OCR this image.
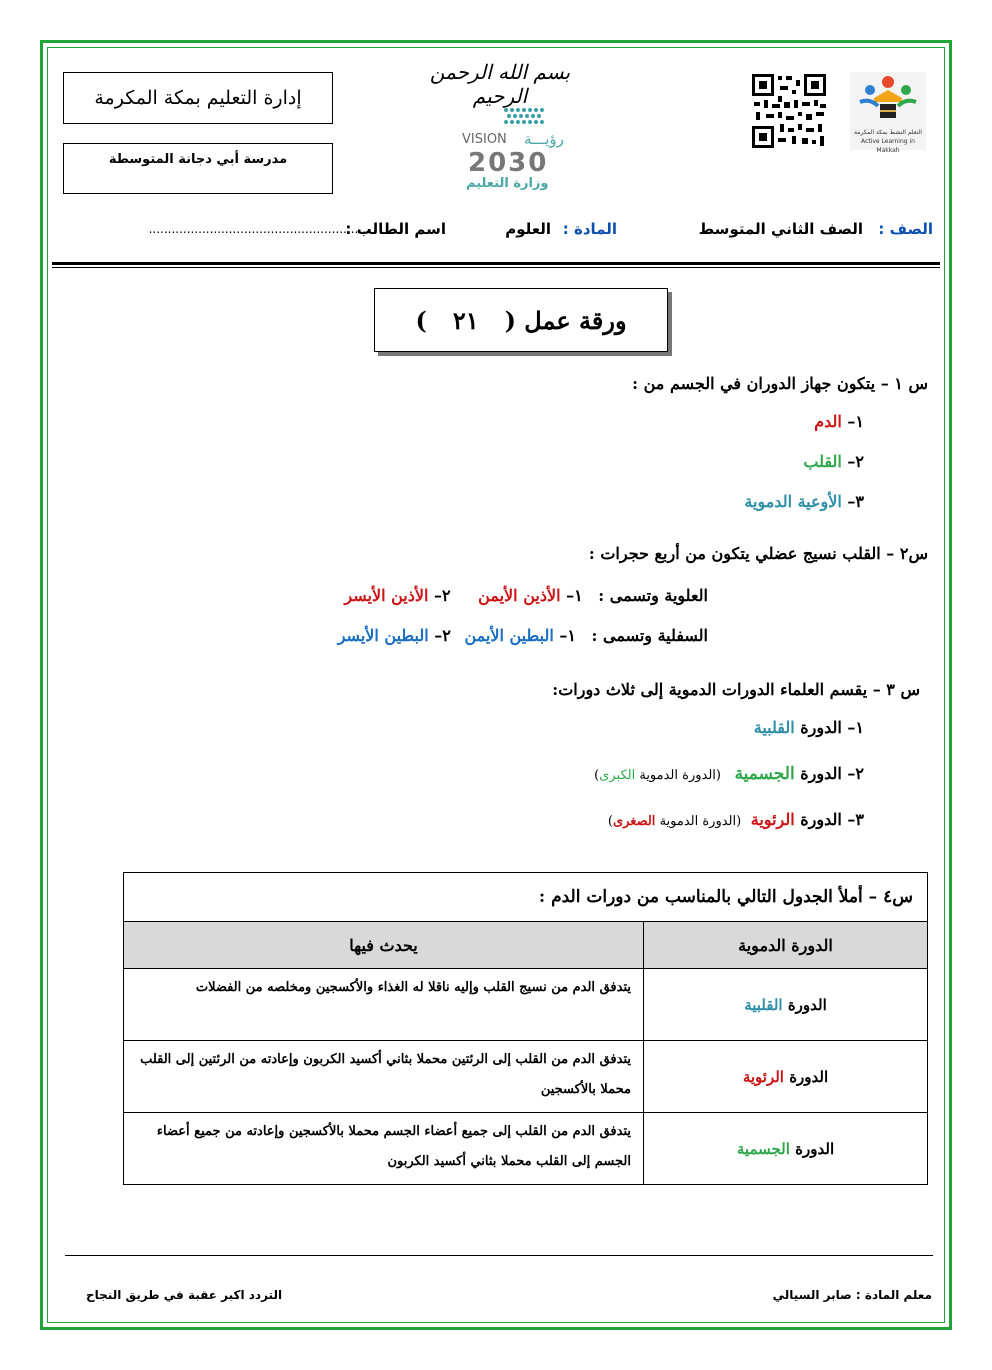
إدارة التعليم بمكة المكرمة
مدرسة أبي دجانة المتوسطة
بسم الله الرحمن الرحيم
VISION رؤيـــة
2030
وزارة التعليم
التعلم النشط بمكة المكرمة
Active Learning in Makkah
الصف :
الصف الثاني المتوسط
المادة :
العلوم
اسم الطالب :
.........................................................
ورقة عمل (
٢١
)
س ١ – يتكون جهاز الدوران في الجسم من :
١– الدم
٢– القلب
٣– الأوعية الدموية
س٢ – القلب نسيج عضلي يتكون من أربع حجرات :
العلوية وتسمى : ١– الأذين الأيمن ٢– الأذين الأيسر
السفلية وتسمى : ١– البطين الأيمن ٢– البطين الأيسر
س ٣ – يقسم العلماء الدورات الدموية إلى ثلاث دورات:
١– الدورة القلبية
٢– الدورة الجسمية (الدورة الدموية الكبرى)
٣– الدورة الرئوية (الدورة الدموية الصغرى)
س٤ – أملأ الجدول التالي بالمناسب من دورات الدم :	
الدورة الدموية	يحدث فيها
الدورة القلبية	يتدفق الدم من نسيج القلب وإليه ناقلا له الغذاء والأكسجين ومخلصه من الفضلات
الدورة الرئوية	يتدفق الدم من القلب إلى الرئتين محملا بثاني أكسيد الكربون وإعادته من الرئتين إلى القلب محملا بالأكسجين
الدورة الجسمية	يتدفق الدم من القلب إلى جميع أعضاء الجسم محملا بالأكسجين وإعادته من جميع أعضاء الجسم إلى القلب محملا بثاني أكسيد الكربون
معلم المادة : صابر السيالي
التردد اكبر عقبة في طريق النجاح
